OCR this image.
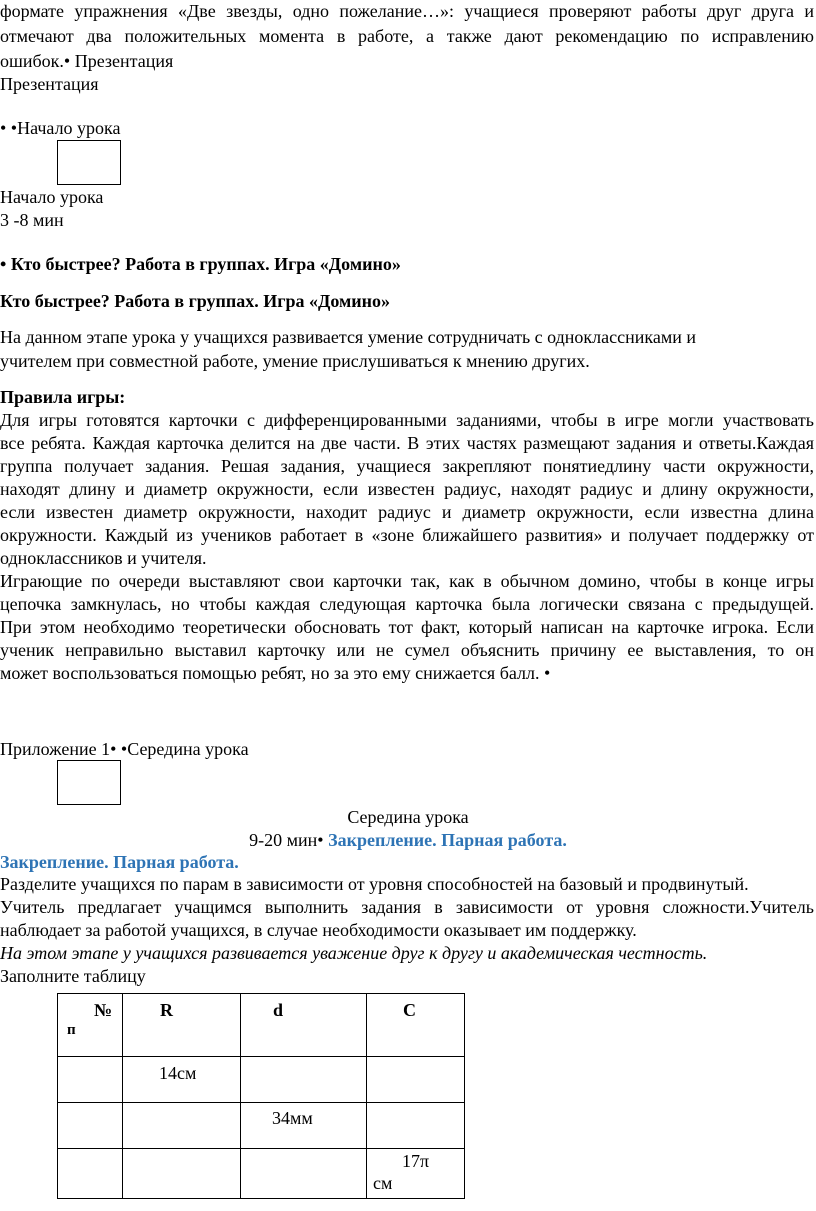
формате упражнения «Две звезды, одно пожелание…»: учащиеся проверяют работы друг друга и
отмечают два положительных момента в работе, а также дают рекомендацию по исправлению
ошибок.• Презентация
Презентация
• •Начало урока
Начало урока
3 -8 мин
• Кто быстрее? Работа в группах. Игра «Домино»
Кто быстрее? Работа в группах. Игра «Домино»
На данном этапе урока у учащихся развивается умение сотрудничать с одноклассниками и
учителем при совместной работе, умение прислушиваться к мнению других.
Правила игры:
Для игры готовятся карточки с дифференцированными заданиями, чтобы в игре могли участвовать
все ребята. Каждая карточка делится на две части. В этих частях размещают задания и ответы.Каждая
группа получает задания. Решая задания, учащиеся закрепляют понятиедлину части окружности,
находят длину и диаметр окружности, если известен радиус, находят радиус и длину окружности,
если известен диаметр окружности, находит радиус и диаметр окружности, если известна длина
окружности. Каждый из учеников работает в «зоне ближайшего развития» и получает поддержку от
одноклассников и учителя.
Играющие по очереди выставляют свои карточки так, как в обычном домино, чтобы в конце игры
цепочка замкнулась, но чтобы каждая следующая карточка была логически связана с предыдущей.
При этом необходимо теоретически обосновать тот факт, который написан на карточке игрока. Если
ученик неправильно выставил карточку или не сумел объяснить причину ее выставления, то он
может воспользоваться помощью ребят, но за это ему снижается балл. •
Приложение 1• •Середина урока
Середина урока
9-20 мин• Закрепление. Парная работа.
Закрепление. Парная работа.
Разделите учащихся по парам в зависимости от уровня способностей на базовый и продвинутый.
Учитель предлагает учащимся выполнить задания в зависимости от уровня сложности.Учитель
наблюдает за работой учащихся, в случае необходимости оказывает им поддержку.
На этом этапе у учащихся развивается уважение друг к другу и академическая честность.
Заполните таблицу
№
п	R	d	C

	14см		

		34мм	

			17π
см
